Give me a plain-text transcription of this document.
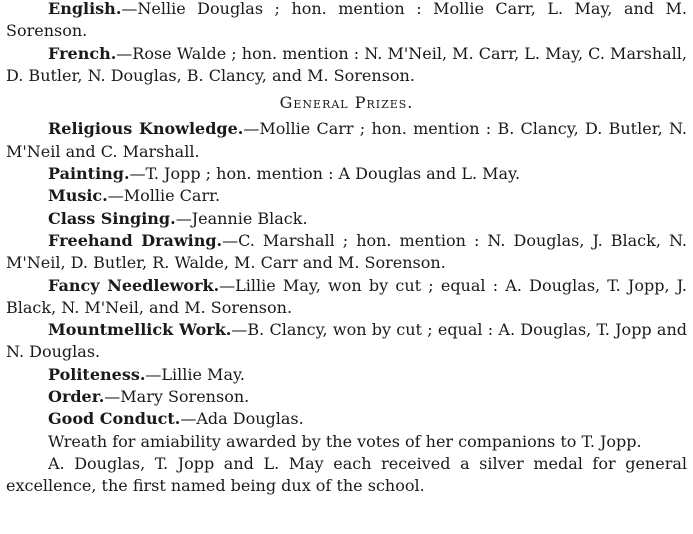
English.—Nellie Douglas ; hon. mention : Mollie Carr, L. May, and M. Sorenson.

French.—Rose Walde ; hon. mention : N. M'Neil, M. Carr, L. May, C. Marshall, D. Butler, N. Douglas, B. Clancy, and M. Sorenson.

General Prizes.

Religious Knowledge.—Mollie Carr ; hon. mention : B. Clancy, D. Butler, N. M'Neil and C. Marshall.

Painting.—T. Jopp ; hon. mention : A Douglas and L. May.

Music.—Mollie Carr.

Class Singing.—Jeannie Black.

Freehand Drawing.—C. Marshall ; hon. mention : N. Douglas, J. Black, N. M'Neil, D. Butler, R. Walde, M. Carr and M. Sorenson.

Fancy Needlework.—Lillie May, won by cut ; equal : A. Douglas, T. Jopp, J. Black, N. M'Neil, and M. Sorenson.

Mountmellick Work.—B. Clancy, won by cut ; equal : A. Douglas, T. Jopp and N. Douglas.

Politeness.—Lillie May.

Order.—Mary Sorenson.

Good Conduct.—Ada Douglas.

Wreath for amiability awarded by the votes of her companions to T. Jopp.

A. Douglas, T. Jopp and L. May each received a silver medal for general excellence, the first named being dux of the school.
